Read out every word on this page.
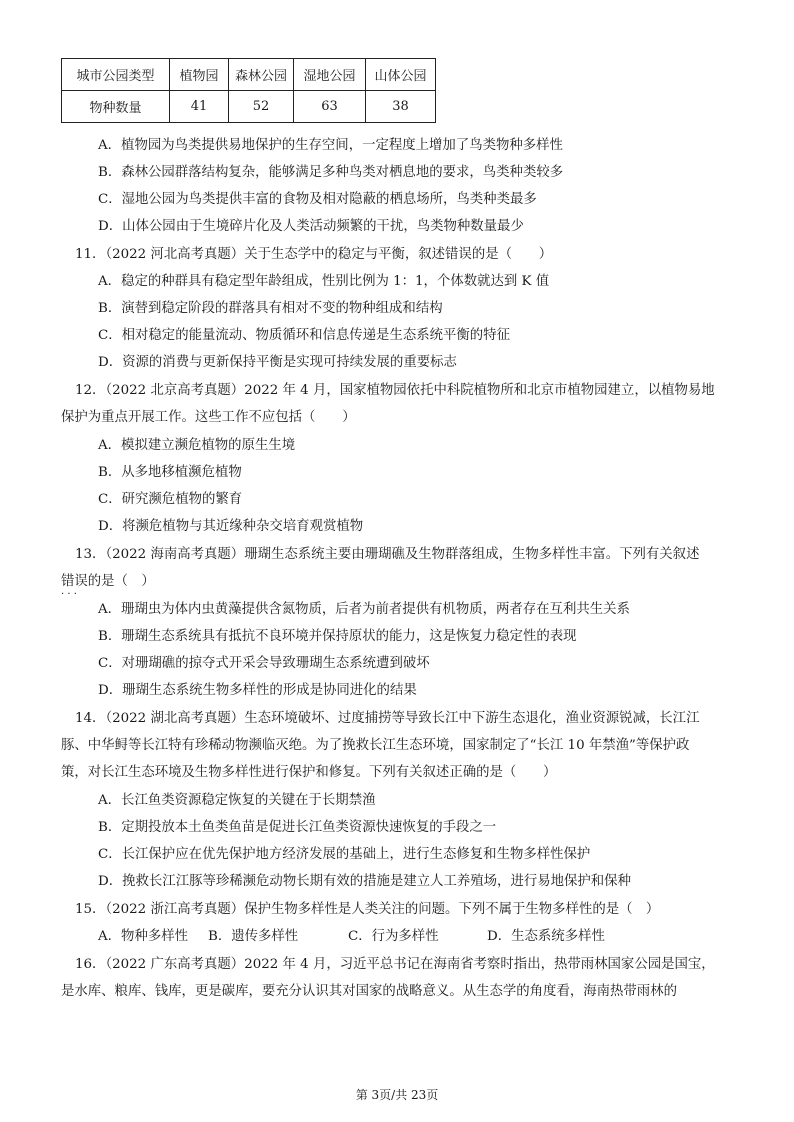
城市公园类型	植物园	森林公园	湿地公园	山体公园
物种数量	41	52	63	38
A．植物园为鸟类提供易地保护的生存空间，一定程度上增加了鸟类物种多样性
B．森林公园群落结构复杂，能够满足多种鸟类对栖息地的要求，鸟类种类较多
C．湿地公园为鸟类提供丰富的食物及相对隐蔽的栖息场所，鸟类种类最多
D．山体公园由于生境碎片化及人类活动频繁的干扰，鸟类物种数量最少
11．（2022 河北高考真题）关于生态学中的稳定与平衡，叙述错误的是（　　）
A．稳定的种群具有稳定型年龄组成，性别比例为 1：1，个体数就达到 K 值
B．演替到稳定阶段的群落具有相对不变的物种组成和结构
C．相对稳定的能量流动、物质循环和信息传递是生态系统平衡的特征
D．资源的消费与更新保持平衡是实现可持续发展的重要标志
12．（2022 北京高考真题）2022 年 4 月，国家植物园依托中科院植物所和北京市植物园建立，以植物易地
保护为重点开展工作。这些工作不应包括（　　）
A．模拟建立濒危植物的原生生境
B．从多地移植濒危植物
C．研究濒危植物的繁育
D．将濒危植物与其近缘种杂交培育观赏植物
13．（2022 海南高考真题）珊瑚生态系统主要由珊瑚礁及生物群落组成，生物多样性丰富。下列有关叙述
错误 · · ·的是（　）
A．珊瑚虫为体内虫黄藻提供含氮物质，后者为前者提供有机物质，两者存在互利共生关系
B．珊瑚生态系统具有抵抗不良环境并保持原状的能力，这是恢复力稳定性的表现
C．对珊瑚礁的掠夺式开采会导致珊瑚生态系统遭到破坏
D．珊瑚生态系统生物多样性的形成是协同进化的结果
14．（2022 湖北高考真题）生态环境破坏、过度捕捞等导致长江中下游生态退化，渔业资源锐减，长江江
豚、中华鲟等长江特有珍稀动物濒临灭绝。为了挽救长江生态环境，国家制定了“长江 10 年禁渔”等保护政
策，对长江生态环境及生物多样性进行保护和修复。下列有关叙述正确的是（　　）
A．长江鱼类资源稳定恢复的关键在于长期禁渔
B．定期投放本土鱼类鱼苗是促进长江鱼类资源快速恢复的手段之一
C．长江保护应在优先保护地方经济发展的基础上，进行生态修复和生物多样性保护
D．挽救长江江豚等珍稀濒危动物长期有效的措施是建立人工养殖场，进行易地保护和保种
15．（2022 浙江高考真题）保护生物多样性是人类关注的问题。下列不属于生物多样性的是（　）
A．物种多样性 B．遗传多样性	C．行为多样性	D．生态系统多样性
16．（2022 广东高考真题）2022 年 4 月，习近平总书记在海南省考察时指出，热带雨林国家公园是国宝，
是水库、粮库、钱库，更是碳库，要充分认识其对国家的战略意义。从生态学的角度看，海南热带雨林的
第 3页/共 23页
